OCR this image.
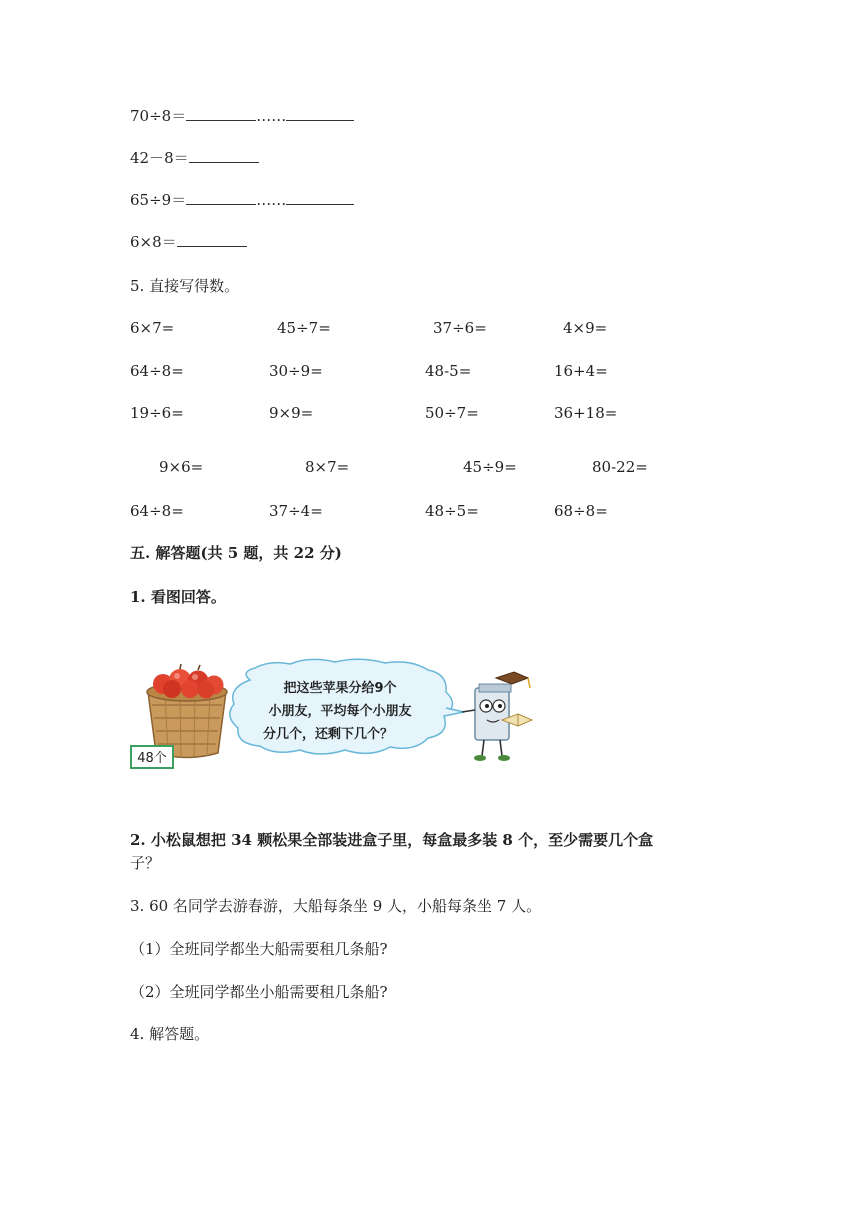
70÷8＝	……
42－8＝
65÷9＝	……
6×8＝
5. 直接写得数。
6×7=	45÷7=	37÷6=	4×9=
64÷8=	30÷9=	48-5=	16+4=
19÷6=	9×9=	50÷7=	36+18=
9×6=	8×7=	45÷9=	80-22=
64÷8=	37÷4=	48÷5=	68÷8=
五. 解答题(共 5 题，共 22 分)
1. 看图回答。
48个
把这些苹果分给9个
小朋友，平均每个小朋友
分几个，还剩下几个？
2. 小松鼠想把 34 颗松果全部装进盒子里，每盒最多装 8 个，至少需要几个盒
子？
3. 60 名同学去游春游，大船每条坐 9 人，小船每条坐 7 人。
（1）全班同学都坐大船需要租几条船?
（2）全班同学都坐小船需要租几条船?
4. 解答题。
